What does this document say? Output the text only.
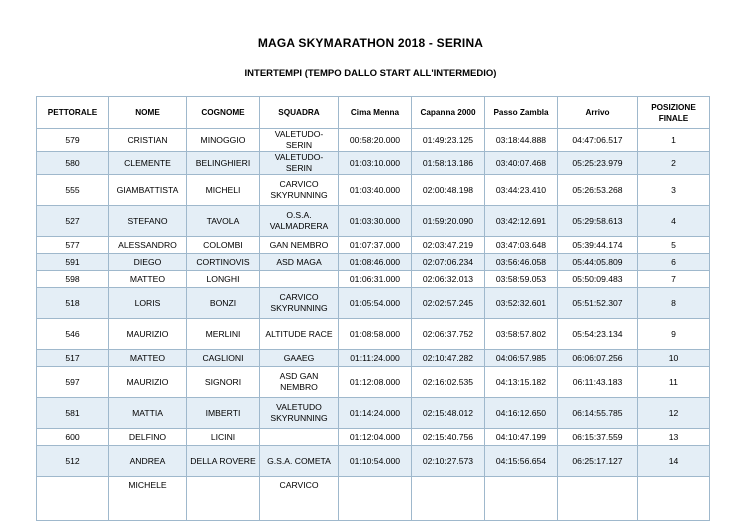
MAGA SKYMARATHON 2018 - SERINA
INTERTEMPI (TEMPO DALLO START ALL'INTERMEDIO)
PETTORALE	NOME	COGNOME	SQUADRA	Cima Menna	Capanna 2000	Passo Zambla	Arrivo	POSIZIONE FINALE
579	CRISTIAN	MINOGGIO	VALETUDO-SERIN	00:58:20.000	01:49:23.125	03:18:44.888	04:47:06.517	1
580	CLEMENTE	BELINGHIERI	VALETUDO-SERIN	01:03:10.000	01:58:13.186	03:40:07.468	05:25:23.979	2
555	GIAMBATTISTA	MICHELI	CARVICO SKYRUNNING	01:03:40.000	02:00:48.198	03:44:23.410	05:26:53.268	3
527	STEFANO	TAVOLA	O.S.A. VALMADRERA	01:03:30.000	01:59:20.090	03:42:12.691	05:29:58.613	4
577	ALESSANDRO	COLOMBI	GAN NEMBRO	01:07:37.000	02:03:47.219	03:47:03.648	05:39:44.174	5
591	DIEGO	CORTINOVIS	ASD MAGA	01:08:46.000	02:07:06.234	03:56:46.058	05:44:05.809	6
598	MATTEO	LONGHI		01:06:31.000	02:06:32.013	03:58:59.053	05:50:09.483	7
518	LORIS	BONZI	CARVICO SKYRUNNING	01:05:54.000	02:02:57.245	03:52:32.601	05:51:52.307	8
546	MAURIZIO	MERLINI	ALTITUDE RACE	01:08:58.000	02:06:37.752	03:58:57.802	05:54:23.134	9
517	MATTEO	CAGLIONI	GAAEG	01:11:24.000	02:10:47.282	04:06:57.985	06:06:07.256	10
597	MAURIZIO	SIGNORI	ASD GAN NEMBRO	01:12:08.000	02:16:02.535	04:13:15.182	06:11:43.183	11
581	MATTIA	IMBERTI	VALETUDO SKYRUNNING	01:14:24.000	02:15:48.012	04:16:12.650	06:14:55.785	12
600	DELFINO	LICINI		01:12:04.000	02:15:40.756	04:10:47.199	06:15:37.559	13
512	ANDREA	DELLA ROVERE	G.S.A. COMETA	01:10:54.000	02:10:27.573	04:15:56.654	06:25:17.127	14
	MICHELE		CARVICO					
